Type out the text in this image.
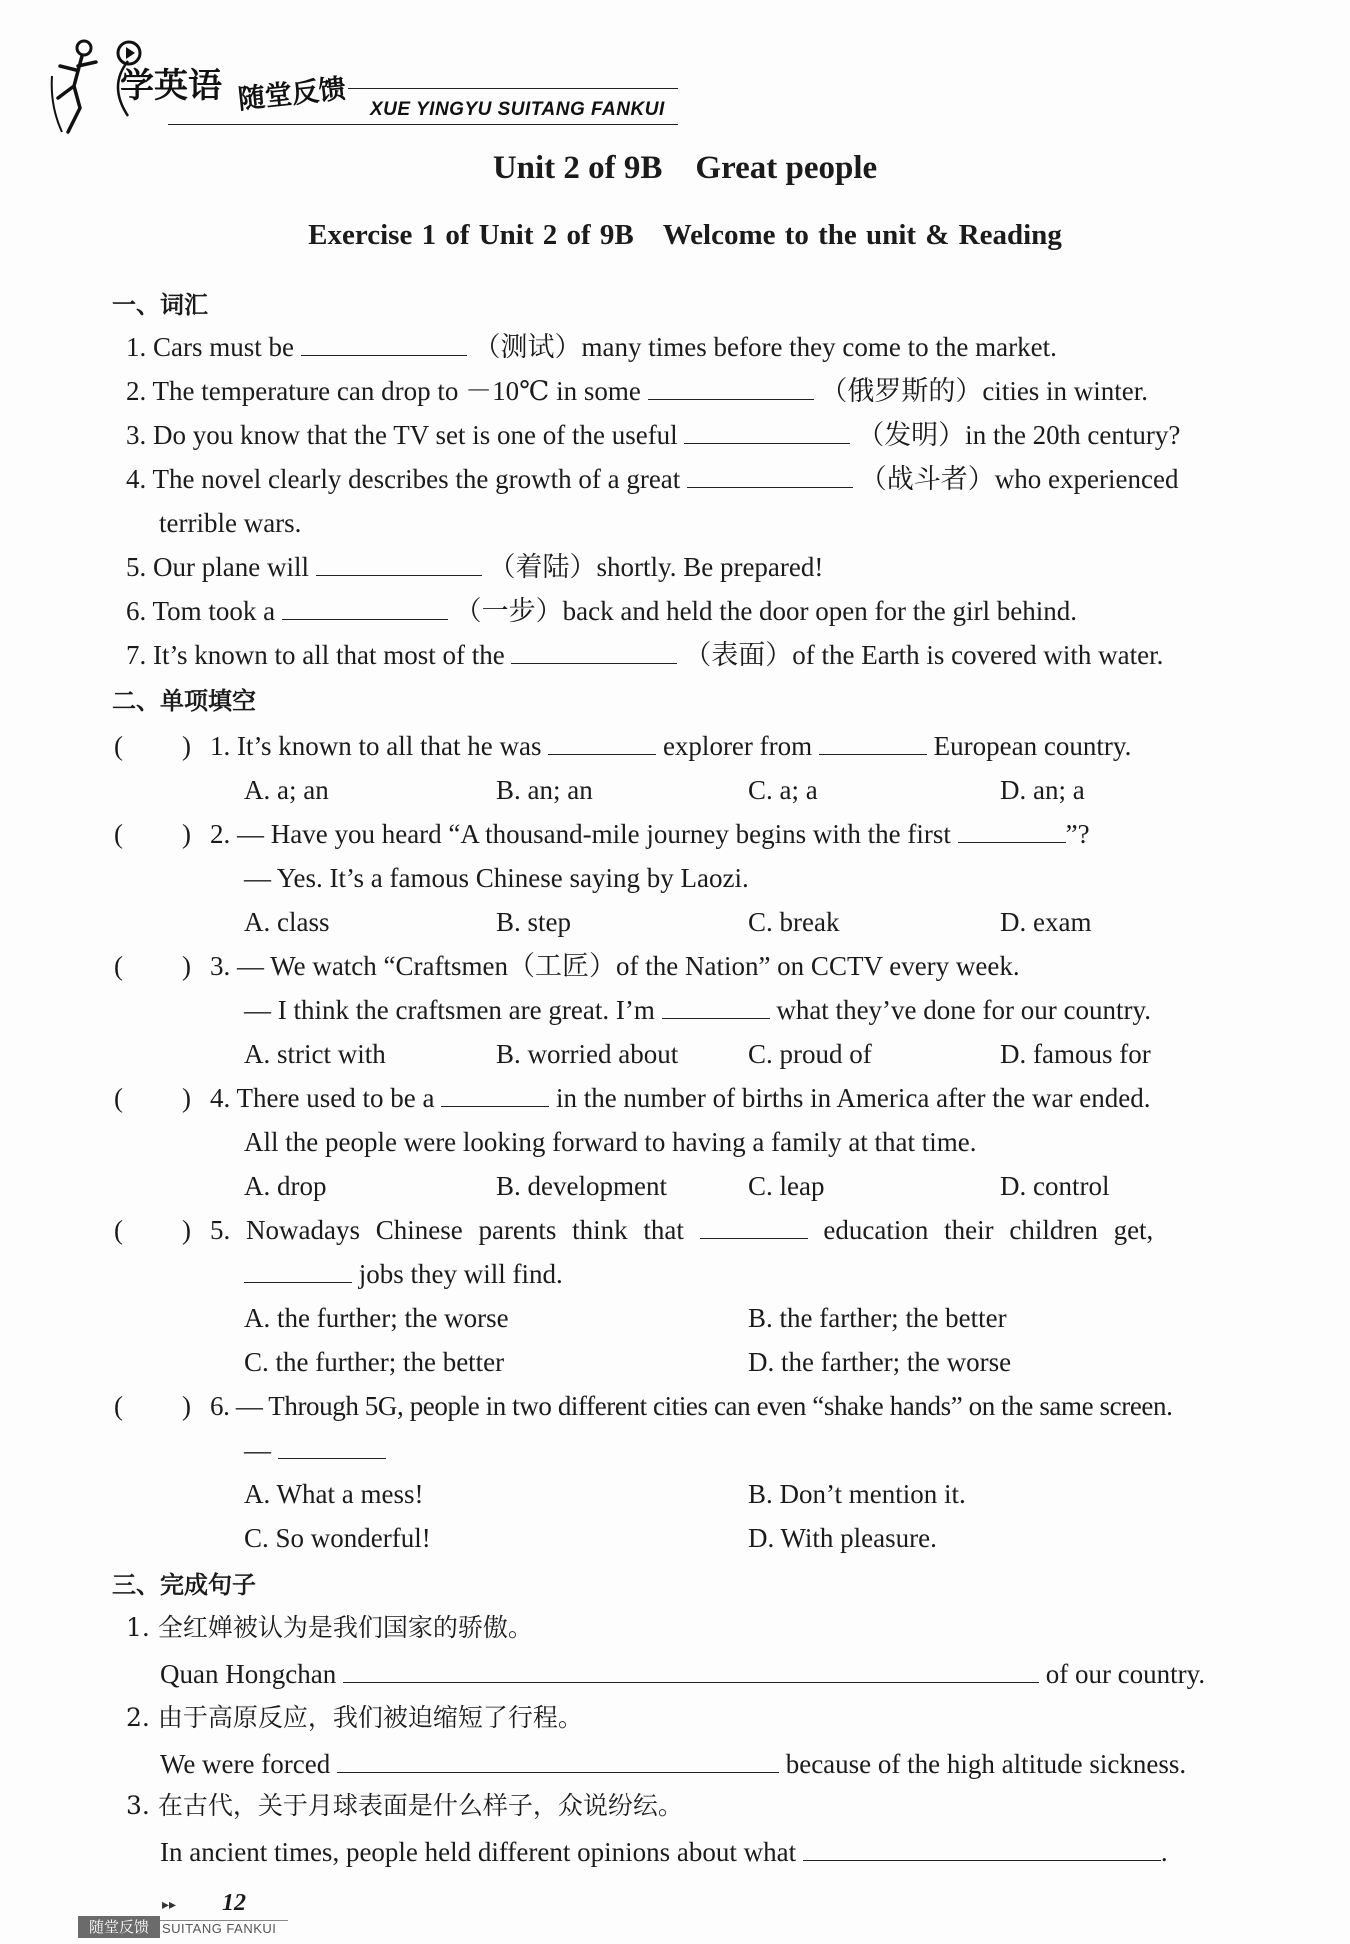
学英语 随堂反馈 XUE YINGYU SUITANG FANKUI
Unit 2 of 9B　Great people
Exercise 1 of Unit 2 of 9B　Welcome to the unit & Reading
一、词汇
1. Cars must be	（测试）many times before they come to the market.
2. The temperature can drop to －10℃ in some	（俄罗斯的）cities in winter.
3. Do you know that the TV set is one of the useful	（发明）in the 20th century?
4. The novel clearly describes the growth of a great	（战斗者）who experienced
terrible wars.
5. Our plane will	（着陆）shortly. Be prepared!
6. Tom took a	（一步）back and held the door open for the girl behind.
7. It’s known to all that most of the	（表面）of the Earth is covered with water.
二、单项填空
( ) 1. It’s known to all that he was	explorer from	European country.
A. a; an	B. an; an	C. a; a	D. an; a
( ) 2. — Have you heard “A thousand-mile journey begins with the first	”?
— Yes. It’s a famous Chinese saying by Laozi.
A. class	B. step	C. break	D. exam
( ) 3. — We watch “Craftsmen（工匠）of the Nation” on CCTV every week.
— I think the craftsmen are great. I’m	what they’ve done for our country.
A. strict with	B. worried about	C. proud of	D. famous for
( ) 4. There used to be a	in the number of births in America after the war ended.
All the people were looking forward to having a family at that time.
A. drop	B. development	C. leap	D. control
( ) 5. Nowadays Chinese parents think that	education their children get,
jobs they will find.
A. the further; the worse	B. the farther; the better
C. the further; the better	D. the farther; the worse
( ) 6. — Through 5G, people in two different cities can even “shake hands” on the same screen.
—
A. What a mess!	B. Don’t mention it.
C. So wonderful!	D. With pleasure.
三、完成句子
1. 全红婵被认为是我们国家的骄傲。
Quan Hongchan	of our country.
2. 由于高原反应，我们被迫缩短了行程。
We were forced	because of the high altitude sickness.
3. 在古代，关于月球表面是什么样子，众说纷纭。
In ancient times, people held different opinions about what	.
▸▸ 12
随堂反馈	SUITANG FANKUI
